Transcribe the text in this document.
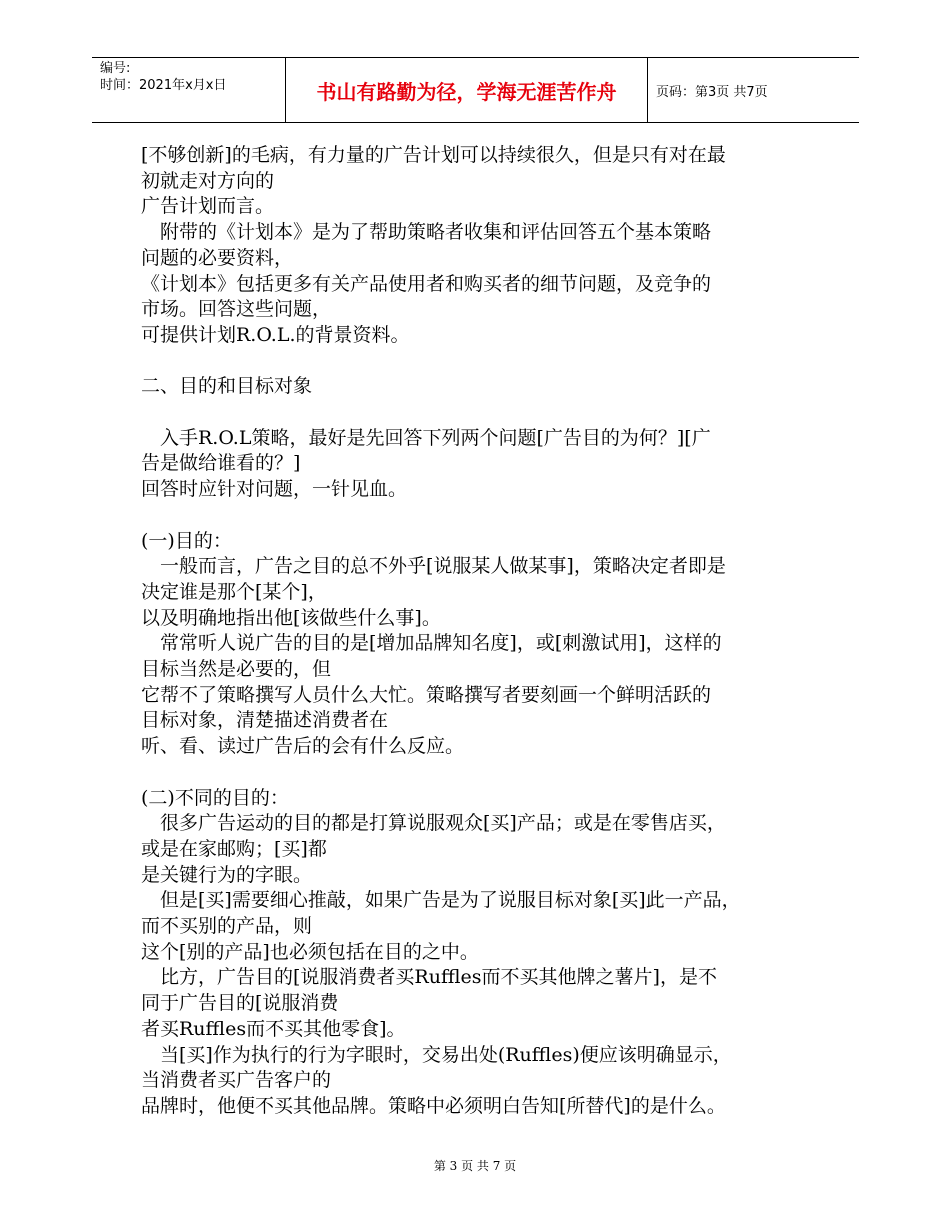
编号:
时间：2021年x月x日	书山有路勤为径，学海无涯苦作舟	页码：第3页 共7页
[不够创新]的毛病，有力量的广告计划可以持续很久，但是只有对在最
初就走对方向的
广告计划而言。
　附带的《计划本》是为了帮助策略者收集和评估回答五个基本策略
问题的必要资料，
《计划本》包括更多有关产品使用者和购买者的细节问题，及竞争的
市场。回答这些问题，
可提供计划R.O.L.的背景资料。
二、目的和目标对象
　入手R.O.L策略，最好是先回答下列两个问题[广告目的为何？][广
告是做给谁看的？]
回答时应针对问题，一针见血。
(一)目的：
　一般而言，广告之目的总不外乎[说服某人做某事]，策略决定者即是
决定谁是那个[某个]，
以及明确地指出他[该做些什么事]。
　常常听人说广告的目的是[增加品牌知名度]，或[刺激试用]，这样的
目标当然是必要的，但
它帮不了策略撰写人员什么大忙。策略撰写者要刻画一个鲜明活跃的
目标对象，清楚描述消费者在
听、看、读过广告后的会有什么反应。
(二)不同的目的：
　很多广告运动的目的都是打算说服观众[买]产品；或是在零售店买，
或是在家邮购；[买]都
是关键行为的字眼。
　但是[买]需要细心推敲，如果广告是为了说服目标对象[买]此一产品，
而不买别的产品，则
这个[别的产品]也必须包括在目的之中。
　比方，广告目的[说服消费者买Ruffles而不买其他牌之薯片]，是不
同于广告目的[说服消费
者买Ruffles而不买其他零食]。
　当[买]作为执行的行为字眼时，交易出处(Ruffles)便应该明确显示，
当消费者买广告客户的
品牌时，他便不买其他品牌。策略中必须明白告知[所替代]的是什么。
第 3 页 共 7 页
